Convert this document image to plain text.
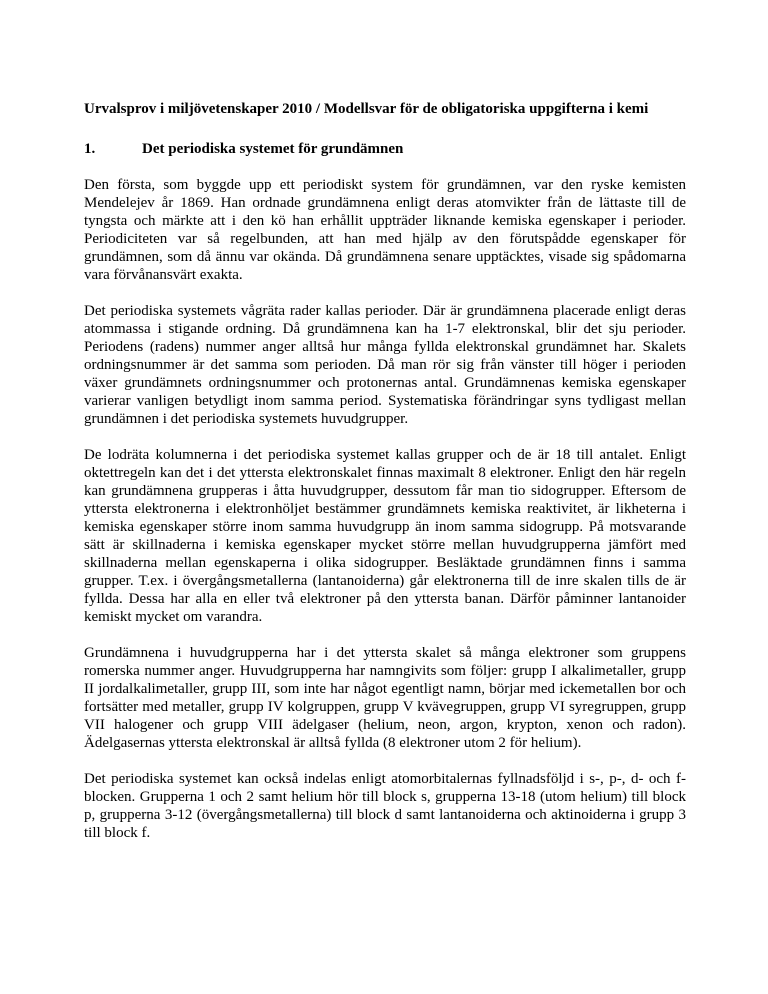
Urvalsprov i miljövetenskaper 2010 / Modellsvar för de obligatoriska uppgifterna i kemi
1.	Det periodiska systemet för grundämnen

Den första, som byggde upp ett periodiskt system för grundämnen, var den ryske kemisten Mendelejev år 1869. Han ordnade grundämnena enligt deras atomvikter från de lättaste till de tyngsta och märkte att i den kö han erhållit uppträder liknande kemiska egenskaper i perioder. Periodiciteten var så regelbunden, att han med hjälp av den förutspådde egenskaper för grundämnen, som då ännu var okända. Då grundämnena senare upptäcktes, visade sig spådomarna vara förvånansvärt exakta.

Det periodiska systemets vågräta rader kallas perioder. Där är grundämnena placerade enligt deras atommassa i stigande ordning. Då grundämnena kan ha 1-7 elektronskal, blir det sju perioder. Periodens (radens) nummer anger alltså hur många fyllda elektronskal grundämnet har. Skalets ordningsnummer är det samma som perioden. Då man rör sig från vänster till höger i perioden växer grundämnets ordningsnummer och protonernas antal. Grundämnenas kemiska egenskaper varierar vanligen betydligt inom samma period. Systematiska förändringar syns tydligast mellan grundämnen i det periodiska systemets huvudgrupper.

De lodräta kolumnerna i det periodiska systemet kallas grupper och de är 18 till antalet. Enligt oktettregeln kan det i det yttersta elektronskalet finnas maximalt 8 elektroner. Enligt den här regeln kan grundämnena grupperas i åtta huvudgrupper, dessutom får man tio sidogrupper. Eftersom de yttersta elektronerna i elektronhöljet bestämmer grundämnets kemiska reaktivitet, är likheterna i kemiska egenskaper större inom samma huvudgrupp än inom samma sidogrupp. På motsvarande sätt är skillnaderna i kemiska egenskaper mycket större mellan huvudgrupperna jämfört med skillnaderna mellan egenskaperna i olika sidogrupper. Besläktade grundämnen finns i samma grupper. T.ex. i övergångsmetallerna (lantanoiderna) går elektronerna till de inre skalen tills de är fyllda. Dessa har alla en eller två elektroner på den yttersta banan. Därför påminner lantanoider kemiskt mycket om varandra.

Grundämnena i huvudgrupperna har i det yttersta skalet så många elektroner som gruppens romerska nummer anger. Huvudgrupperna har namngivits som följer: grupp I alkalimetaller, grupp II jordalkalimetaller, grupp III, som inte har något egentligt namn, börjar med ickemetallen bor och fortsätter med metaller, grupp IV kolgruppen, grupp V kvävegruppen, grupp VI syregruppen, grupp VII halogener och grupp VIII ädelgaser (helium, neon, argon, krypton, xenon och radon). Ädelgasernas yttersta elektronskal är alltså fyllda (8 elektroner utom 2 för helium).

Det periodiska systemet kan också indelas enligt atomorbitalernas fyllnadsföljd i s-, p-, d- och f-blocken. Grupperna 1 och 2 samt helium hör till block s, grupperna 13-18 (utom helium) till block p, grupperna 3-12 (övergångsmetallerna) till block d samt lantanoiderna och aktinoiderna i grupp 3 till block f.
